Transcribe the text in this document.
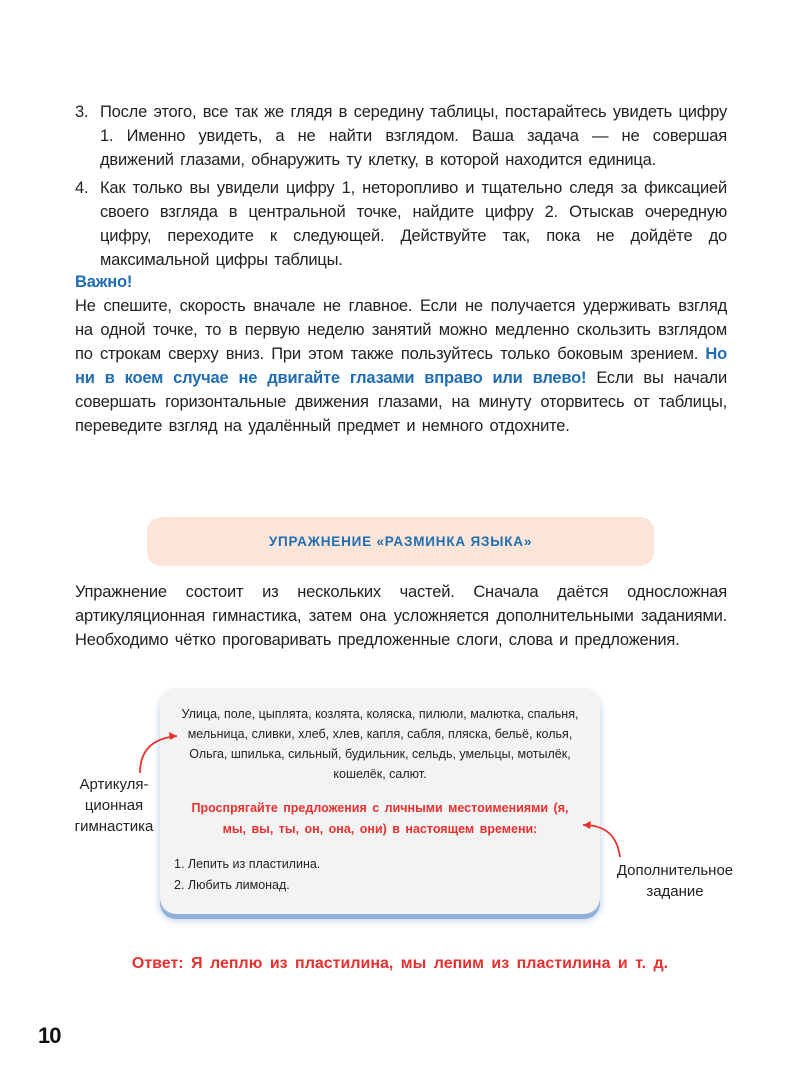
3. После этого, все так же глядя в середину таблицы, постарайтесь увидеть цифру 1. Именно увидеть, а не найти взглядом. Ваша задача — не совершая движений глазами, обнаружить ту клетку, в которой находится единица.
4. Как только вы увидели цифру 1, неторопливо и тщательно следя за фиксацией своего взгляда в центральной точке, найдите цифру 2. Отыскав очередную цифру, переходите к следующей. Действуйте так, пока не дойдёте до максимальной цифры таблицы.
Важно!
Не спешите, скорость вначале не главное. Если не получается удерживать взгляд на одной точке, то в первую неделю занятий можно медленно скользить взглядом по строкам сверху вниз. При этом также пользуйтесь только боковым зрением. Но ни в коем случае не двигайте глазами вправо или влево! Если вы начали совершать горизонтальные движения глазами, на минуту оторвитесь от таблицы, переведите взгляд на удалённый предмет и немного отдохните.
УПРАЖНЕНИЕ «РАЗМИНКА ЯЗЫКА»
Упражнение состоит из нескольких частей. Сначала даётся односложная артикуляционная гимнастика, затем она усложняется дополнительными заданиями. Необходимо чётко проговаривать предложенные слоги, слова и предложения.
Улица, поле, цыплята, козлята, коляска, пилюли, малютка, спальня, мельница, сливки, хлеб, хлев, капля, сабля, пляска, бельё, колья, Ольга, шпилька, сильный, будильник, сельдь, умельцы, мотылёк, кошелёк, салют.
Проспрягайте предложения с личными местоимениями (я, мы, вы, ты, он, она, они) в настоящем времени:
1. Лепить из пластилина.
2. Любить лимонад.
Артикуля-ционная гимнастика
Дополнительное задание
Ответ: Я леплю из пластилина, мы лепим из пластилина и т. д.
10
